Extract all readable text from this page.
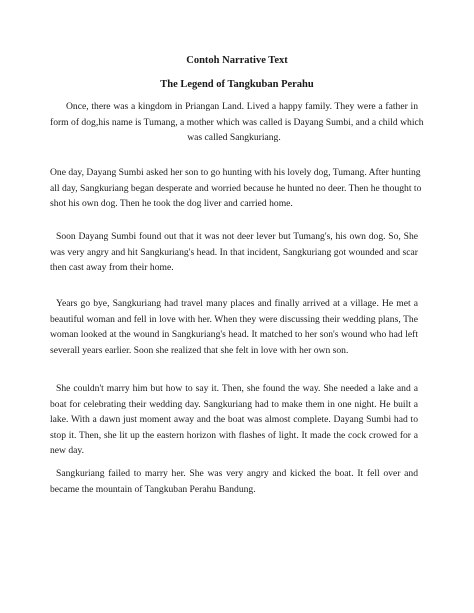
Contoh Narrative Text
The Legend of Tangkuban Perahu

Once, there was a kingdom in Priangan Land. Lived a happy family. They were a father in
form of dog,his name is Tumang, a mother which was called is Dayang Sumbi, and a child which
was called Sangkuriang.

One day, Dayang Sumbi asked her son to go hunting with his lovely dog, Tumang. After hunting
all day, Sangkuriang began desperate and worried because he hunted no deer. Then he thought to
shot his own dog. Then he took the dog liver and carried home.

Soon Dayang Sumbi found out that it was not deer lever but Tumang's, his own dog. So, She
was very angry and hit Sangkuriang's head. In that incident, Sangkuriang got wounded and scar
then cast away from their home.

Years go bye, Sangkuriang had travel many places and finally arrived at a village. He met a
beautiful woman and fell in love with her. When they were discussing their wedding plans, The
woman looked at the wound in Sangkuriang's head. It matched to her son's wound who had left
severall years earlier. Soon she realized that she felt in love with her own son.

She couldn't marry him but how to say it. Then, she found the way. She needed a lake and a
boat for celebrating their wedding day. Sangkuriang had to make them in one night. He built a
lake. With a dawn just moment away and the boat was almost complete. Dayang Sumbi had to
stop it. Then, she lit up the eastern horizon with flashes of light. It made the cock crowed for a
new day.

Sangkuriang failed to marry her. She was very angry and kicked the boat. It fell over and
became the mountain of Tangkuban Perahu Bandung.
